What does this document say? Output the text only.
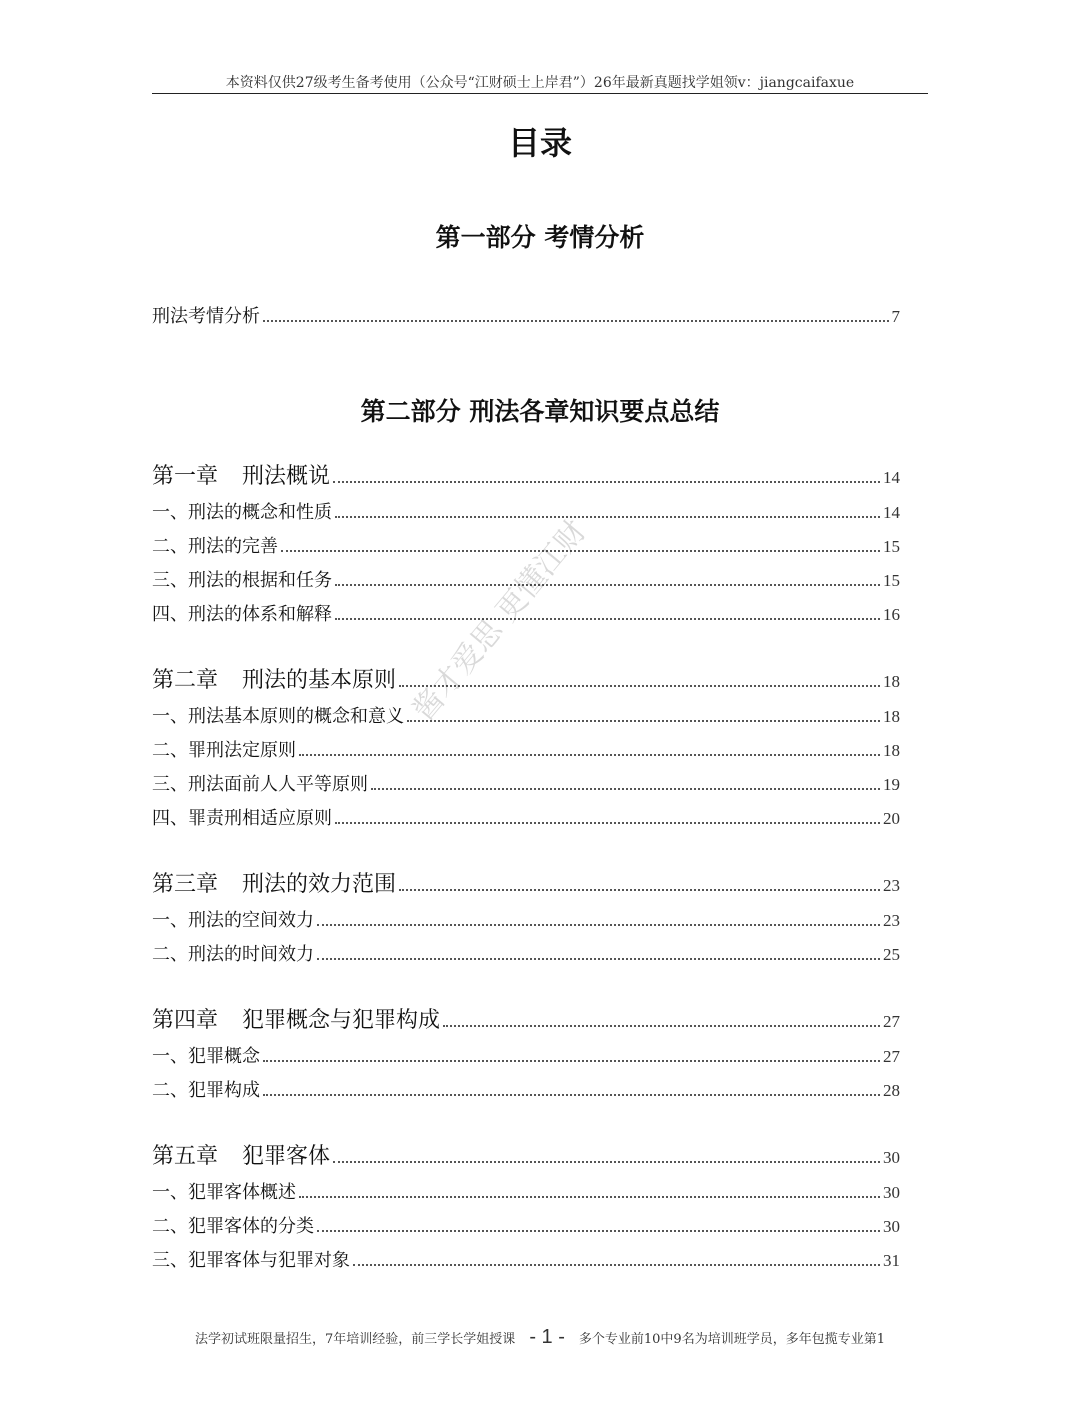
本资料仅供27级考生备考使用（公众号“江财硕士上岸君”）26年最新真题找学姐领v：jiangcaifaxue
目录
第一部分 考情分析
刑法考情分析	7
第二部分 刑法各章知识要点总结
第一章 刑法概说	14
一、刑法的概念和性质	14
二、刑法的完善	15
三、刑法的根据和任务	15
四、刑法的体系和解释	16
第二章 刑法的基本原则	18
一、刑法基本原则的概念和意义	18
二、罪刑法定原则	18
三、刑法面前人人平等原则	19
四、罪责刑相适应原则	20
第三章 刑法的效力范围	23
一、刑法的空间效力	23
二、刑法的时间效力	25
第四章 犯罪概念与犯罪构成	27
一、犯罪概念	27
二、犯罪构成	28
第五章 犯罪客体	30
一、犯罪客体概述	30
二、犯罪客体的分类	30
三、犯罪客体与犯罪对象	31
酱才爱思 更懂江财
法学初试班限量招生，7年培训经验，前三学长学姐授课 - 1 - 多个专业前10中9名为培训班学员，多年包揽专业第1
